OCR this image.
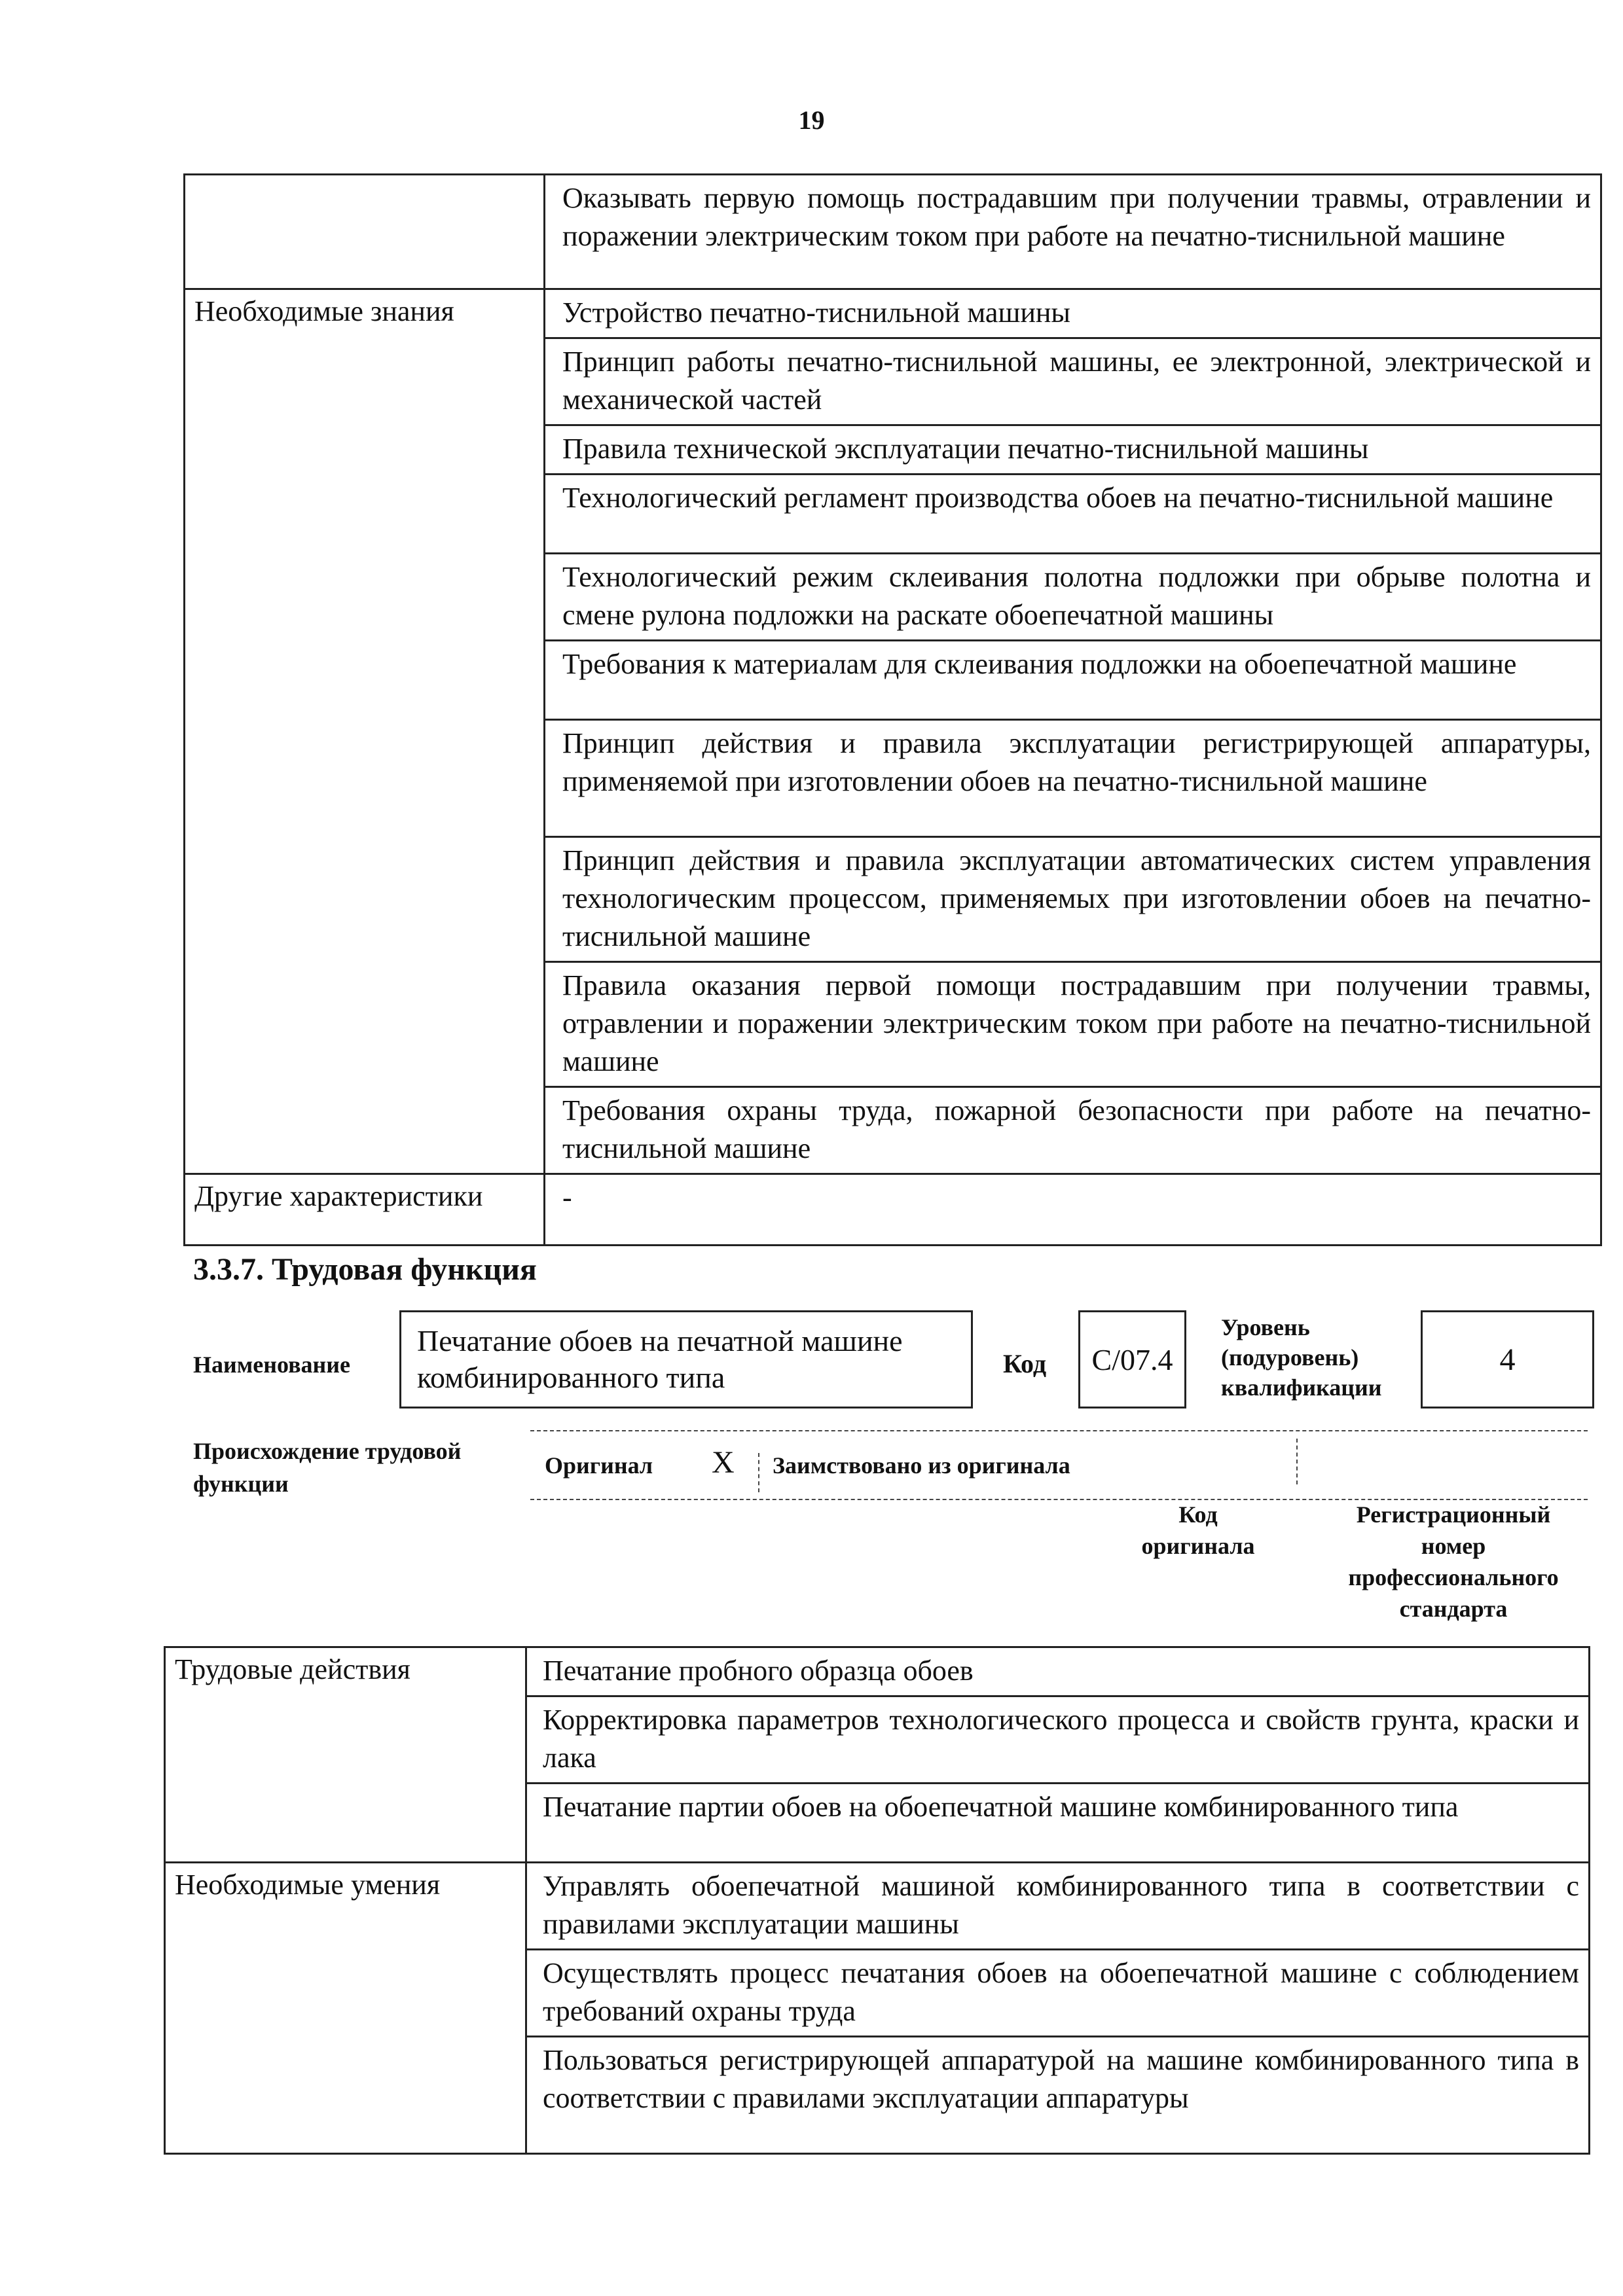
19
	Оказывать первую помощь пострадавшим при получении травмы, отравлении и поражении электрическим током при работе на печатно-тиснильной машине
Необходимые знания	Устройство печатно-тиснильной машины
	Принцип работы печатно-тиснильной машины, ее электронной, электрической и механической частей
	Правила технической эксплуатации печатно-тиснильной машины
	Технологический регламент производства обоев на печатно-тиснильной машине
	Технологический режим склеивания полотна подложки при обрыве полотна и смене рулона подложки на раскате обоепечатной машины
	Требования к материалам для склеивания подложки на обоепечатной машине
	Принцип действия и правила эксплуатации регистрирующей аппаратуры, применяемой при изготовлении обоев на печатно-тиснильной машине
	Принцип действия и правила эксплуатации автоматических систем управления технологическим процессом, применяемых при изготовлении обоев на печатно-тиснильной машине
	Правила оказания первой помощи пострадавшим при получении травмы, отравлении и поражении электрическим током при работе на печатно-тиснильной машине
	Требования охраны труда, пожарной безопасности при работе на печатно-тиснильной машине
Другие характеристики	-
3.3.7. Трудовая функция
Наименование
Печатание обоев на печатной машине комбинированного типа	Код С/07.4
Уровень
(подуровень)
квалификации
4
Происхождение трудовой
функции
Оригинал X Заимствовано из оригинала
Код
оригинала
Регистрационный
номер
профессионального
стандарта
Трудовые действия	Печатание пробного образца обоев
	Корректировка параметров технологического процесса и свойств грунта, краски и лака
	Печатание партии обоев на обоепечатной машине комбинированного типа
Необходимые умения	Управлять обоепечатной машиной комбинированного типа в соответствии с правилами эксплуатации машины
	Осуществлять процесс печатания обоев на обоепечатной машине с соблюдением требований охраны труда
	Пользоваться регистрирующей аппаратурой на машине комбинированного типа в соответствии с правилами эксплуатации аппаратуры
